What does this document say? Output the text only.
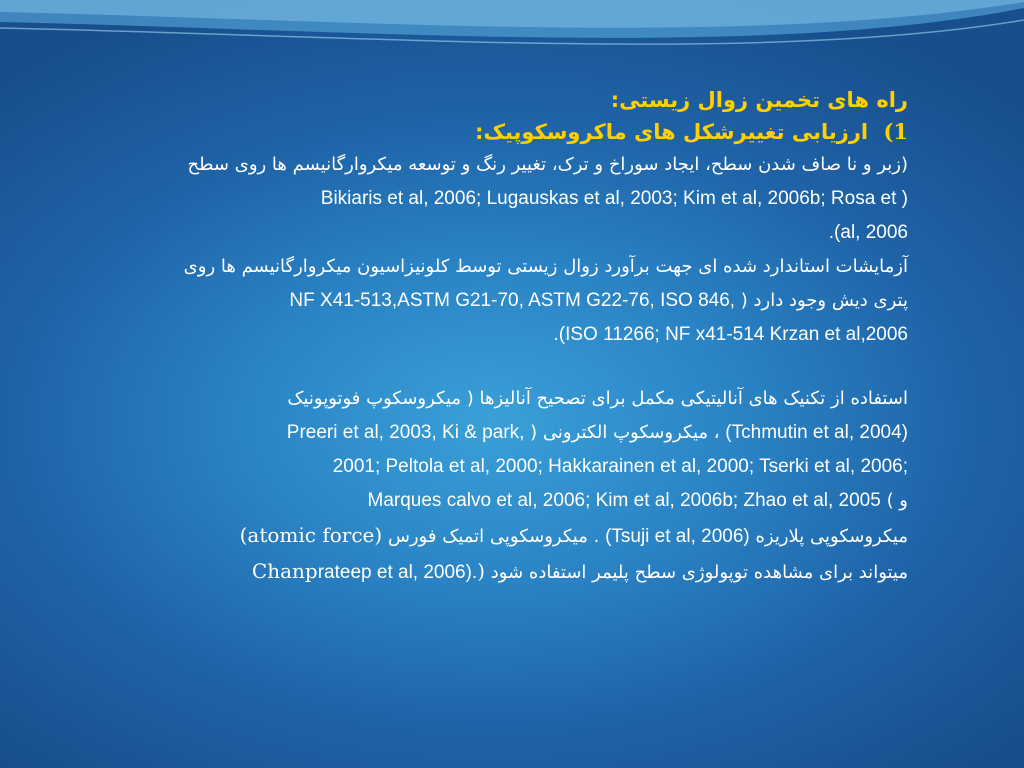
راه های تخمین زوال زیستی:

1) ارزیابی تغییرشکل های ماکروسکوپیک:

(زبر و نا صاف شدن سطح، ایجاد سوراخ و ترک، تغییر رنگ و توسعه میکروارگانیسم ها روی سطح

Bikiaris et al, 2006; Lugauskas et al, 2003; Kim et al, 2006b; Rosa et )

.(al, 2006

آزمایشات استاندارد شده ای جهت برآورد زوال زیستی توسط کلونیزاسیون میکروارگانیسم ها روی

پتری دیش وجود دارد ( NF X41-513,ASTM G21-70, ASTM G22-76, ISO 846,

.(ISO 11266; NF x41-514 Krzan et al,2006

استفاده از تکنیک های آنالیتیکی مکمل برای تصحیح آنالیزها ( میکروسکوپ فوتوپونیک

(Tchmutin et al, 2004) ، میکروسکوپ الکترونی ( Preeri et al, 2003, Ki & park,

2001; Peltola et al, 2000; Hakkarainen et al, 2000; Tserki et al, 2006;

و ) Marques calvo et al, 2006; Kim et al, 2006b; Zhao et al, 2005

میکروسکوپی پلاریزه (Tsuji et al, 2006) . میکروسکوپی اتمیک فورس (atomic force)

میتواند برای مشاهده توپولوژی سطح پلیمر استفاده شود (Chanprateep et al, 2006).
